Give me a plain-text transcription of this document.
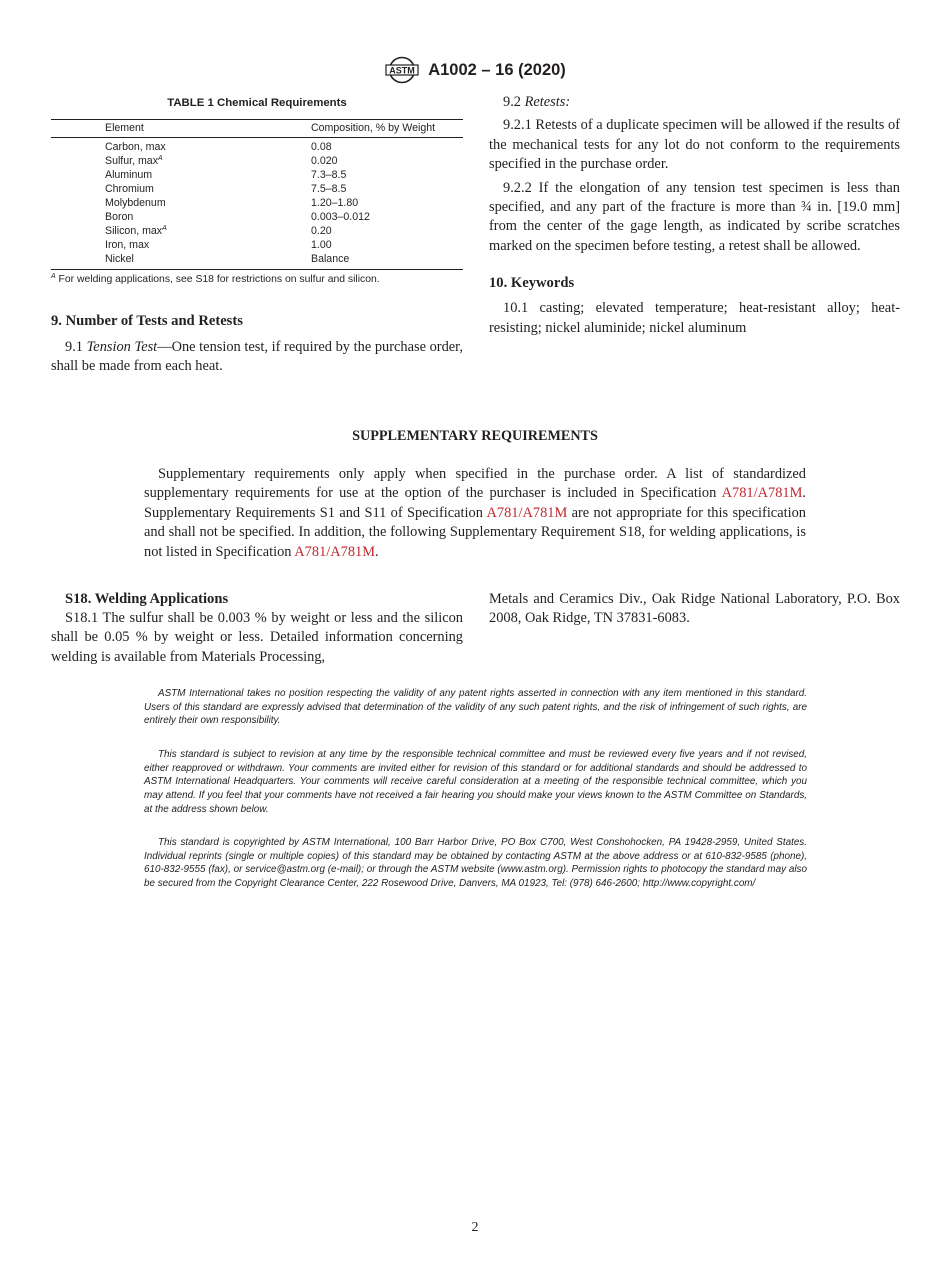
ASTM A1002 – 16 (2020)

TABLE 1 Chemical Requirements

Element	Composition, % by Weight
Carbon, max	0.08
Sulfur, $\max^A$	0.020
Aluminum	7.3–8.5
Chromium	7.5–8.5
Molybdenum	1.20–1.80
Boron	0.003–0.012
Silicon, $\max^A$	0.20
Iron, max	1.00
Nickel	Balance
$^A$ For welding applications, see S18 for restrictions on sulfur and silicon.
9. Number of Tests and Retests

9.1 Tension Test—One tension test, if required by the purchase order, shall be made from each heat.

9.2 Retests:

9.2.1 Retests of a duplicate specimen will be allowed if the results of the mechanical tests for any lot do not conform to the requirements specified in the purchase order.

9.2.2 If the elongation of any tension test specimen is less than specified, and any part of the fracture is more than ¾ in. [19.0 mm] from the center of the gage length, as indicated by scribe scratches marked on the specimen before testing, a retest shall be allowed.

10. Keywords

10.1 casting; elevated temperature; heat-resistant alloy; heat-resisting; nickel aluminide; nickel aluminum

SUPPLEMENTARY REQUIREMENTS

Supplementary requirements only apply when specified in the purchase order. A list of standardized supplementary requirements for use at the option of the purchaser is included in Specification A781/A781M. Supplementary Requirements S1 and S11 of Specification A781/A781M are not appropriate for this specification and shall not be specified. In addition, the following Supplementary Requirement S18, for welding applications, is not listed in Specification A781/A781M.

S18. Welding Applications

S18.1 The sulfur shall be 0.003 % by weight or less and the silicon shall be 0.05 % by weight or less. Detailed information concerning welding is available from Materials Processing,

Metals and Ceramics Div., Oak Ridge National Laboratory, P.O. Box 2008, Oak Ridge, TN 37831-6083.

ASTM International takes no position respecting the validity of any patent rights asserted in connection with any item mentioned in this standard. Users of this standard are expressly advised that determination of the validity of any such patent rights, and the risk of infringement of such rights, are entirely their own responsibility.

This standard is subject to revision at any time by the responsible technical committee and must be reviewed every five years and if not revised, either reapproved or withdrawn. Your comments are invited either for revision of this standard or for additional standards and should be addressed to ASTM International Headquarters. Your comments will receive careful consideration at a meeting of the responsible technical committee, which you may attend. If you feel that your comments have not received a fair hearing you should make your views known to the ASTM Committee on Standards, at the address shown below.

This standard is copyrighted by ASTM International, 100 Barr Harbor Drive, PO Box C700, West Conshohocken, PA 19428-2959, United States. Individual reprints (single or multiple copies) of this standard may be obtained by contacting ASTM at the above address or at 610-832-9585 (phone), 610-832-9555 (fax), or service@astm.org (e-mail); or through the ASTM website (www.astm.org). Permission rights to photocopy the standard may also be secured from the Copyright Clearance Center, 222 Rosewood Drive, Danvers, MA 01923, Tel: (978) 646-2600; http://www.copyright.com/

2
